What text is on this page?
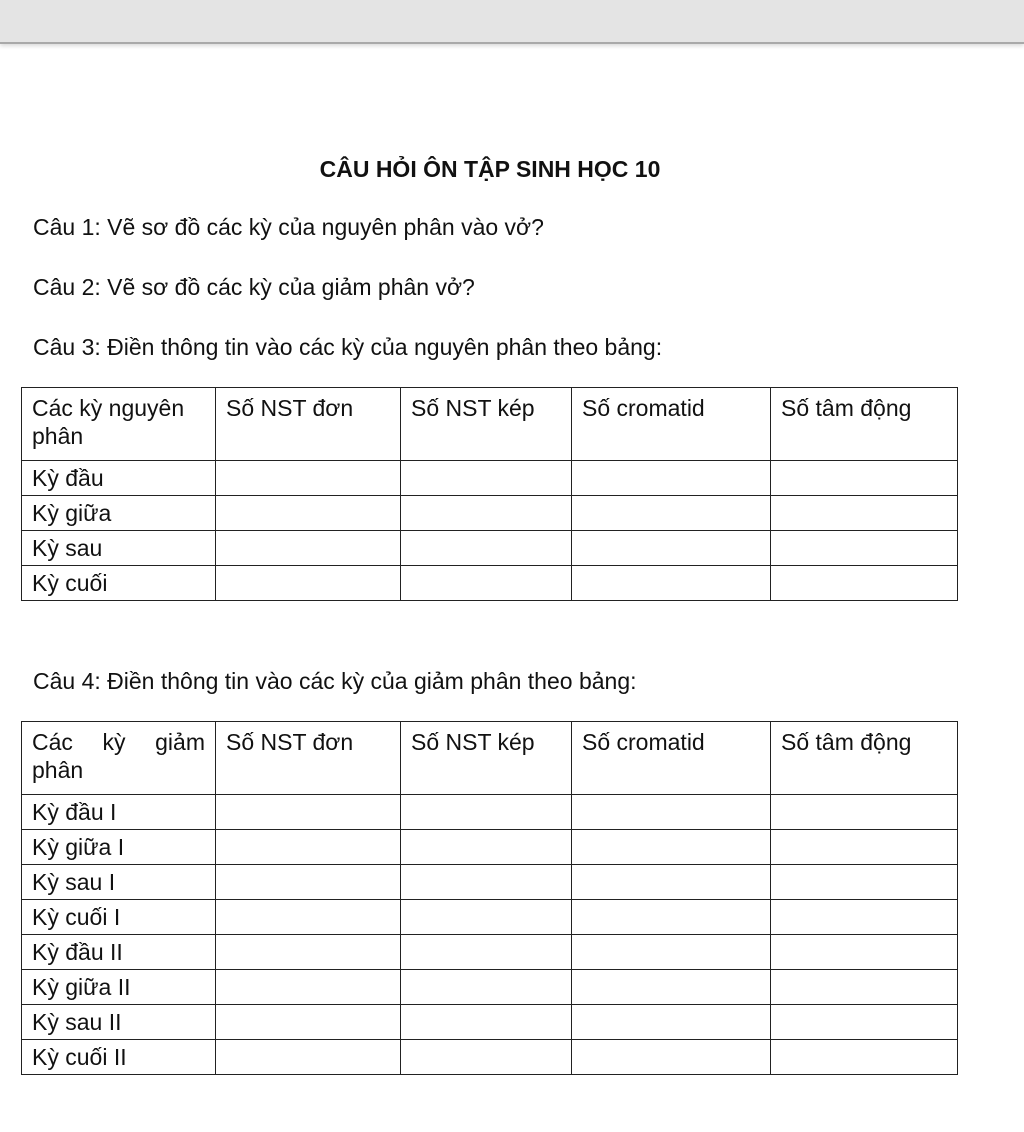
CÂU HỎI ÔN TẬP SINH HỌC 10
Câu 1: Vẽ sơ đồ các kỳ của nguyên phân vào vở?
Câu 2: Vẽ sơ đồ các kỳ của giảm phân vở?
Câu 3: Điền thông tin vào các kỳ của nguyên phân theo bảng:
Các kỳ nguyên phân	Số NST đơn	Số NST kép	Số cromatid	Số tâm động
Kỳ đầu				
Kỳ giữa				
Kỳ sau				
Kỳ cuối				
Câu 4: Điền thông tin vào các kỳ của giảm phân theo bảng:
Các kỳ giảm phân	Số NST đơn	Số NST kép	Số cromatid	Số tâm động
Kỳ đầu I				
Kỳ giữa I				
Kỳ sau I				
Kỳ cuối I				
Kỳ đầu II				
Kỳ giữa II				
Kỳ sau II				
Kỳ cuối II				
